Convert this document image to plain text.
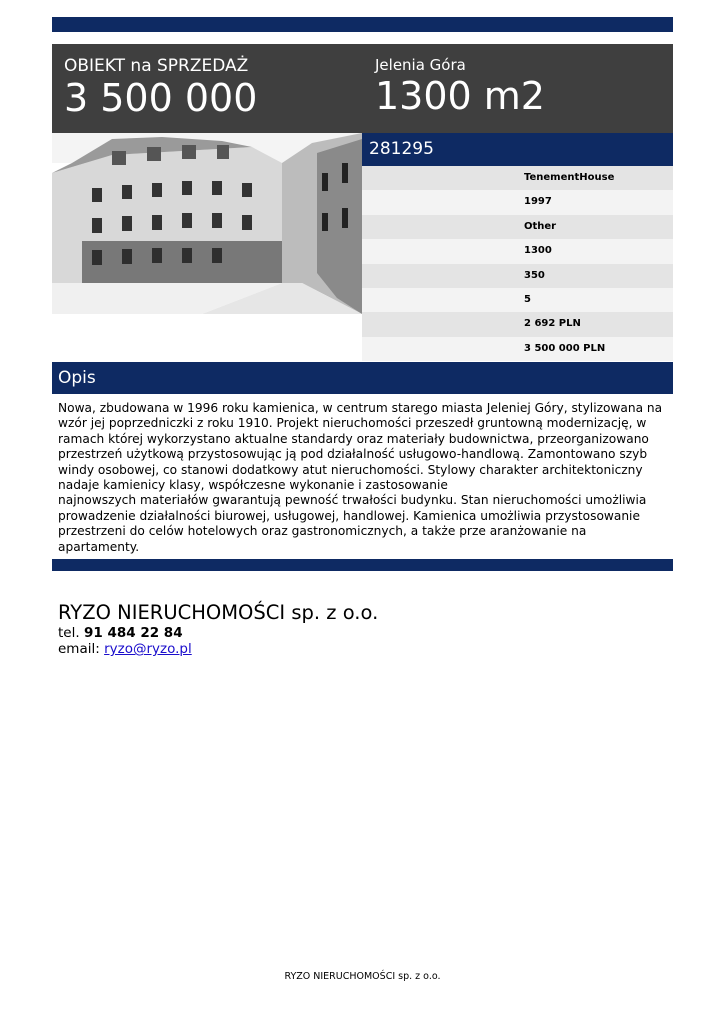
OBIEKT na SPRZEDAŻ
3 500 000
Jelenia Góra
1300 m2
281295
TenementHouse
1997
Other
1300
350
5
2 692 PLN
3 500 000 PLN
Opis
Nowa, zbudowana w 1996 roku kamienica, w centrum starego miasta Jeleniej Góry, stylizowana na wzór jej poprzedniczki z roku 1910. Projekt nieruchomości przeszedł gruntowną modernizację, w ramach której wykorzystano aktualne standardy oraz materiały budownictwa, przeorganizowano przestrzeń użytkową przystosowując ją pod działalność usługowo-handlową. Zamontowano szyb windy osobowej, co stanowi dodatkowy atut nieruchomości. Stylowy charakter architektoniczny nadaje kamienicy klasy, współczesne wykonanie i zastosowanie
najnowszych materiałów gwarantują pewność trwałości budynku. Stan nieruchomości umożliwia prowadzenie działalności biurowej, usługowej, handlowej. Kamienica umożliwia przystosowanie przestrzeni do celów hotelowych oraz gastronomicznych, a także prze aranżowanie na apartamenty.
RYZO NIERUCHOMOŚCI sp. z o.o.
tel. 91 484 22 84
email: ryzo@ryzo.pl
RYZO NIERUCHOMOŚCI sp. z o.o.
